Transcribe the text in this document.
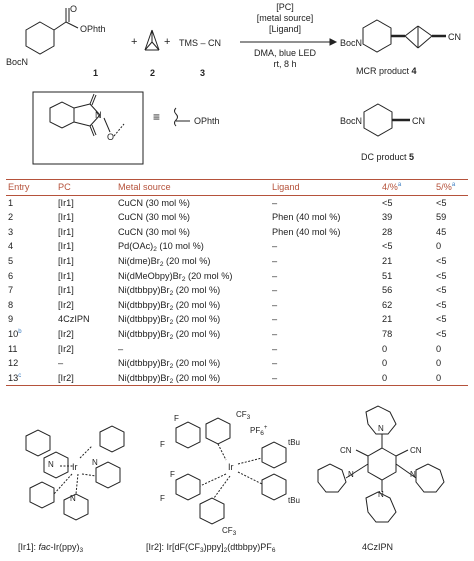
O
OPhth
BocN
1
+
2
+ TMS – CN
3
[PC]
[metal source]
[Ligand]
DMA, blue LED
rt, 8 h
BocN
CN
MCR product 4
N
O
≡	OPhth	BocN	CN
DC product 5
Entry	PC	Metal source	Ligand	4/%$^a$	5/%$^a$
1	[Ir1]	CuCN (30 mol %)	–	<5	<5
2	[Ir1]	CuCN (30 mol %)	Phen (40 mol %)	39	59
3	[Ir1]	CuCN (30 mol %)	Phen (40 mol %)	28	45
4	[Ir1]	$Pd(OAc)_2$ (10 mol %)	–	<5	0
5	[Ir1]	$Ni(dme)Br_2$ (20 mol %)	–	21	<5
6	[Ir1]	$Ni(dMeObpy)Br_2$ (20 mol %)	–	51	<5
7	[Ir1]	$Ni(dtbbpy)Br_2$ (20 mol %)	–	56	<5
8	[Ir2]	$Ni(dtbbpy)Br_2$ (20 mol %)	–	62	<5
9	4CzIPN	$Ni(dtbbpy)Br_2$ (20 mol %)	–	21	<5
10$^b$	[Ir2]	$Ni(dtbbpy)Br_2$ (20 mol %)	–	78	<5
11	[Ir2]	–	–	0	0
12	–	$Ni(dtbbpy)Br_2$ (20 mol %)	–	0	0
13$^c$	[Ir2]	$Ni(dtbbpy)Br_2$ (20 mol %)	–	0	0
Ir
N	N
N
Ir
F
F
F
F
$CF_3$
$CF_3$
$PF_6^+$
tBu
tBu
CN	CN
N
N	N
N
[Ir1]: fac-$Ir(ppy)_3$	[Ir2]: $Ir[dF(CF_3)ppy]_2(dtbbpy)PF_6$	4CzIPN
